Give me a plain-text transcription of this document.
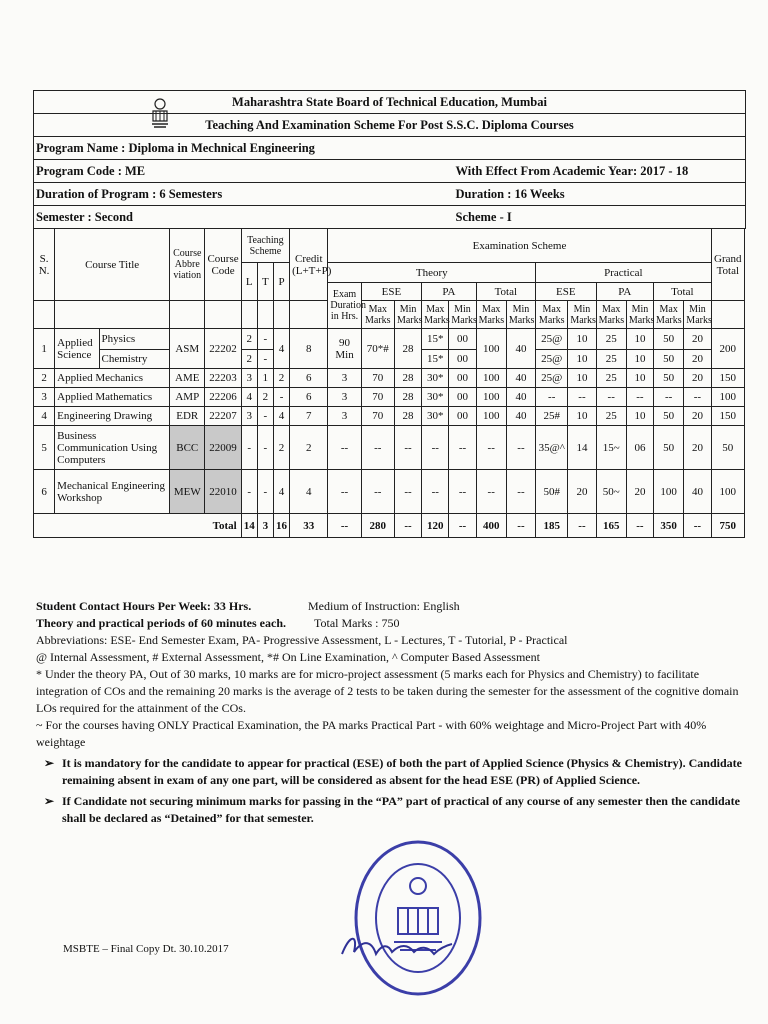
Maharashtra State Board of Technical Education, Mumbai	
Teaching And Examination Scheme For Post S.S.C. Diploma Courses	
Program Name : Diploma in Mechnical Engineering	
Program Code : ME	With Effect From Academic Year: 2017 - 18
Duration of Program : 6 Semesters	Duration : 16 Weeks
Semester : Second	Scheme - I
S. N.	Course Title		Course Abbre viation	Course Code	Teaching Scheme			Credit (L+T+P)	Examination Scheme													Grand Total
					L	T	P		Theory							Practical						
									Exam Duration in Hrs.	ESE		PA		Total		ESE		PA		Total		
										Max Marks	Min Marks	Max Marks	Min Marks	Max Marks	Min Marks	Max Marks	Min Marks	Max Marks	Min Marks	Max Marks	Min Marks	
1	Applied Science	Physics	ASM	22202	2	-	4	8	90 Min	70*#	28	15*	00	100	40	25@	10	25	10	50	20	200
		Chemistry			2	-						15*	00			25@	10	25	10	50	20	
2	Applied Mechanics		AME	22203	3	1	2	6	3	70	28	30*	00	100	40	25@	10	25	10	50	20	150
3	Applied Mathematics		AMP	22206	4	2	-	6	3	70	28	30*	00	100	40	--	--	--	--	--	--	100
4	Engineering Drawing		EDR	22207	3	-	4	7	3	70	28	30*	00	100	40	25#	10	25	10	50	20	150
5	Business Communication Using Computers		BCC	22009	-	-	2	2	--	--	--	--	--	--	--	35@^	14	15~	06	50	20	50
6	Mechanical Engineering Workshop		MEW	22010	-	-	4	4	--	--	--	--	--	--	--	50#	20	50~	20	100	40	100
Total					14	3	16	33	--	280	--	120	--	400	--	185	--	165	--	350	--	750

Student Contact Hours Per Week: 33 Hrs.	Medium of Instruction: English

Theory and practical periods of 60 minutes each. Total Marks : 750

Abbreviations: ESE- End Semester Exam, PA- Progressive Assessment, L - Lectures, T - Tutorial, P - Practical

@ Internal Assessment, # External Assessment, *# On Line Examination, ^ Computer Based Assessment

* Under the theory PA, Out of 30 marks, 10 marks are for micro-project assessment (5 marks each for Physics and Chemistry) to facilitate integration of COs and the remaining 20 marks is the average of 2 tests to be taken during the semester for the assessment of the cognitive domain LOs required for the attainment of the COs.

~ For the courses having ONLY Practical Examination, the PA marks Practical Part - with 60% weightage and Micro-Project Part with 40% weightage

➢ It is mandatory for the candidate to appear for practical (ESE) of both the part of Applied Science (Physics & Chemistry). Candidate remaining absent in exam of any one part, will be considered as absent for the head ESE (PR) of Applied Science.
➢ If Candidate not securing minimum marks for passing in the “PA” part of practical of any course of any semester then the candidate shall be declared as “Detained” for that semester.
MSBTE – Final Copy Dt. 30.10.2017
